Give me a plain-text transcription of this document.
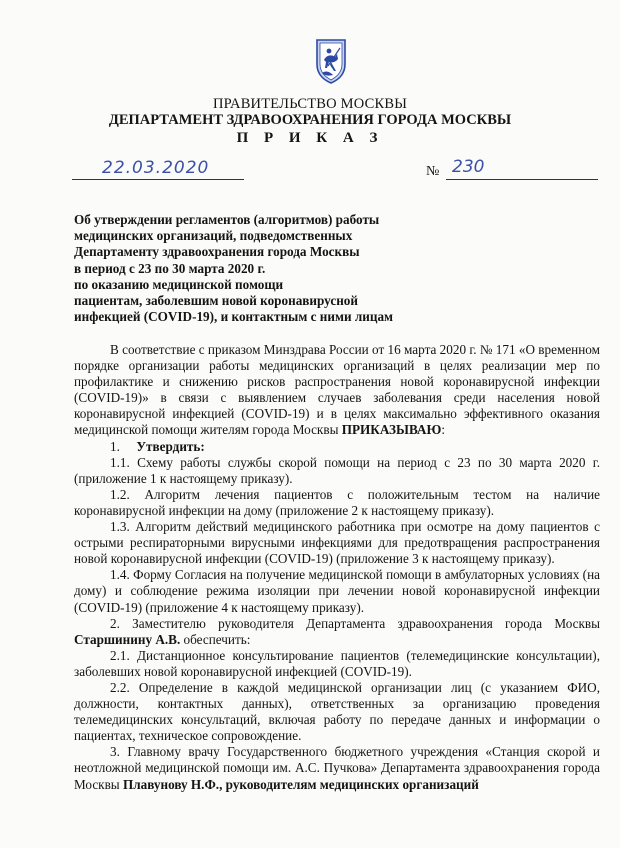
ПРАВИТЕЛЬСТВО МОСКВЫ
ДЕПАРТАМЕНТ ЗДРАВООХРАНЕНИЯ ГОРОДА МОСКВЫ
П Р И К А З
22.03.2020	№ 230
Об утверждении регламентов (алгоритмов) работы
медицинских организаций, подведомственных
Департаменту здравоохранения города Москвы
в период с 23 по 30 марта 2020 г.
по оказанию медицинской помощи
пациентам, заболевшим новой коронавирусной
инфекцией (COVID-19), и контактным с ними лицам

В соответствие с приказом Минздрава России от 16 марта 2020 г. № 171 «О временном порядке организации работы медицинских организаций в целях реализации мер по профилактике и снижению рисков распространения новой коронавирусной инфекции (COVID-19)» в связи с выявлением случаев заболевания среди населения новой коронавирусной инфекцией (COVID-19) и в целях максимально эффективного оказания медицинской помощи жителям города Москвы ПРИКАЗЫВАЮ:

1. Утвердить:

1.1. Схему работы службы скорой помощи на период с 23 по 30 марта 2020 г. (приложение 1 к настоящему приказу).

1.2. Алгоритм лечения пациентов с положительным тестом на наличие коронавирусной инфекции на дому (приложение 2 к настоящему приказу).

1.3. Алгоритм действий медицинского работника при осмотре на дому пациентов с острыми респираторными вирусными инфекциями для предотвращения распространения новой коронавирусной инфекции (COVID-19) (приложение 3 к настоящему приказу).

1.4. Форму Согласия на получение медицинской помощи в амбулаторных условиях (на дому) и соблюдение режима изоляции при лечении новой коронавирусной инфекции (COVID-19) (приложение 4 к настоящему приказу).

2. Заместителю руководителя Департамента здравоохранения города Москвы Старшинину А.В. обеспечить:

2.1. Дистанционное консультирование пациентов (телемедицинские консультации), заболевших новой коронавирусной инфекцией (COVID-19).

2.2. Определение в каждой медицинской организации лиц (с указанием ФИО, должности, контактных данных), ответственных за организацию проведения телемедицинских консультаций, включая работу по передаче данных и информации о пациентах, техническое сопровождение.

3. Главному врачу Государственного бюджетного учреждения «Станция скорой и неотложной медицинской помощи им. А.С. Пучкова» Департамента здравоохранения города Москвы Плавунову Н.Ф., руководителям медицинских организаций
